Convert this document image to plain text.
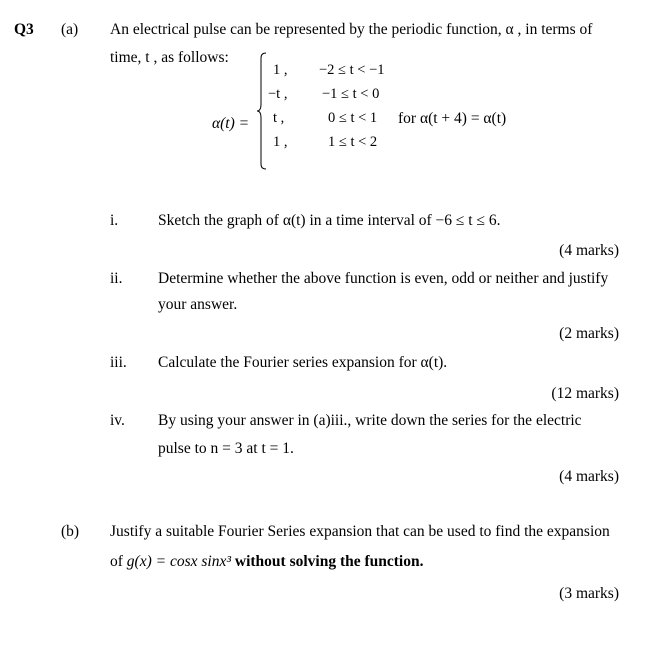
Q3 (a) An electrical pulse can be represented by the periodic function, α , in terms of
time, t , as follows:
α(t) =
1 , −2 ≤ t < −1
−t , −1 ≤ t < 0
t ,	0 ≤ t < 1
1 ,	1 ≤ t < 2
for α(t + 4) = α(t)
i.	Sketch the graph of α(t) in a time interval of −6 ≤ t ≤ 6.
(4 marks)
ii. Determine whether the above function is even, odd or neither and justify
your answer.
(2 marks)
iii. Calculate the Fourier series expansion for α(t).
(12 marks)
iv. By using your answer in (a)iii., write down the series for the electric
pulse to n = 3 at t = 1.
(4 marks)
(b) Justify a suitable Fourier Series expansion that can be used to find the expansion
of g(x) = cosx sinx³ without solving the function.
(3 marks)
